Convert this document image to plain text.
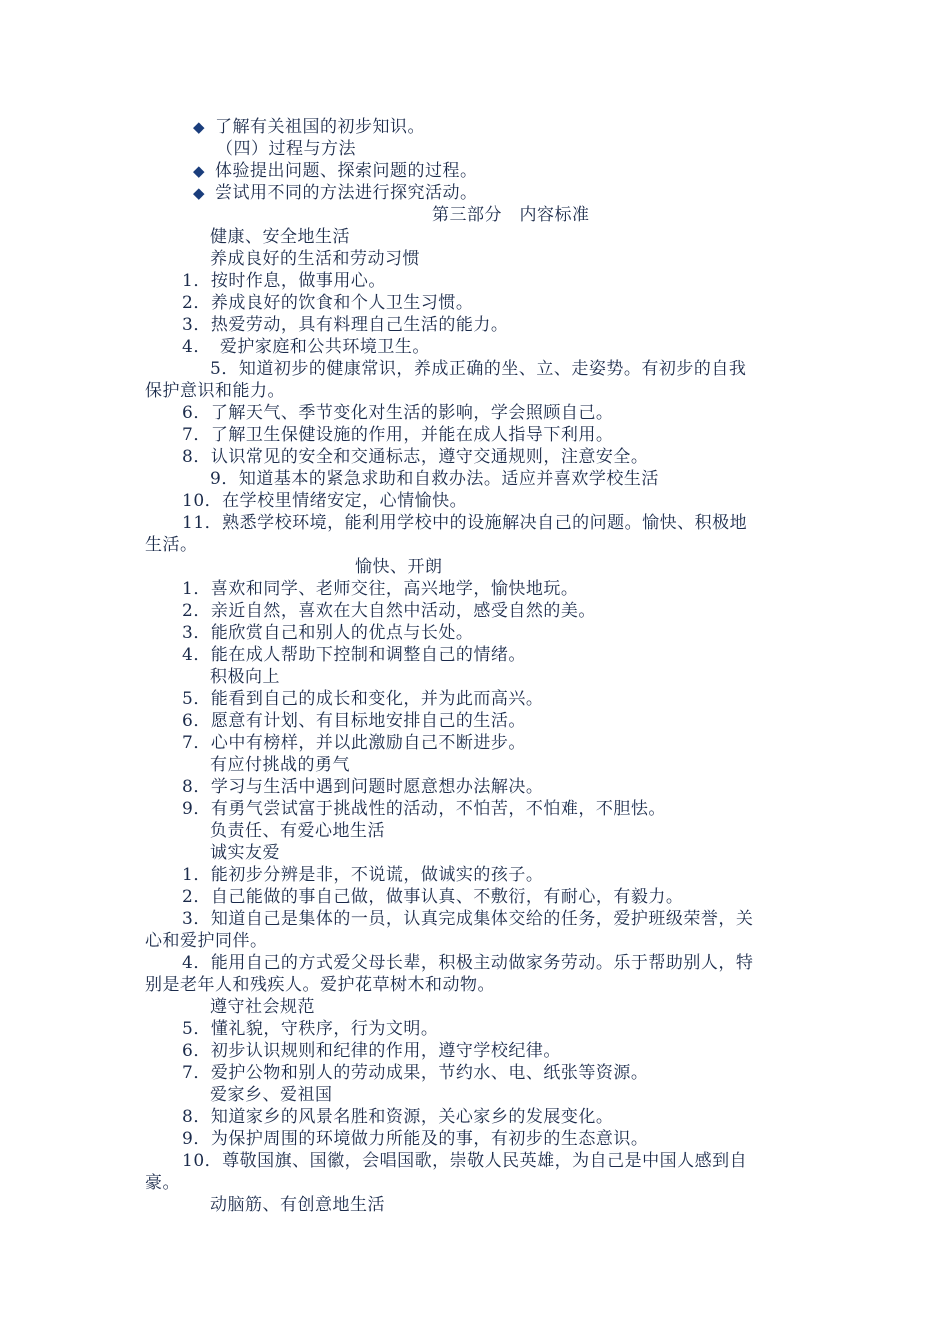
◆ 了解有关祖国的初步知识。
（四）过程与方法
◆ 体验提出问题、探索问题的过程。
◆ 尝试用不同的方法进行探究活动。
第三部分　内容标准
健康、安全地生活
养成良好的生活和劳动习惯
1．按时作息，做事用心。
2．养成良好的饮食和个人卫生习惯。
3．热爱劳动，具有料理自己生活的能力。
4．　爱护家庭和公共环境卫生。
5．知道初步的健康常识，养成正确的坐、立、走姿势。有初步的自我
保护意识和能力。
6．了解天气、季节变化对生活的影响，学会照顾自己。
7．了解卫生保健设施的作用，并能在成人指导下利用。
8．认识常见的安全和交通标志，遵守交通规则，注意安全。
9．知道基本的紧急求助和自救办法。适应并喜欢学校生活
10．在学校里情绪安定，心情愉快。
11．熟悉学校环境，能利用学校中的设施解决自己的问题。愉快、积极地
生活。
愉快、开朗
1．喜欢和同学、老师交往，高兴地学，愉快地玩。
2．亲近自然，喜欢在大自然中活动，感受自然的美。
3．能欣赏自己和别人的优点与长处。
4．能在成人帮助下控制和调整自己的情绪。
积极向上
5．能看到自己的成长和变化，并为此而高兴。
6．愿意有计划、有目标地安排自己的生活。
7．心中有榜样，并以此激励自己不断进步。
有应付挑战的勇气
8．学习与生活中遇到问题时愿意想办法解决。
9．有勇气尝试富于挑战性的活动，不怕苦，不怕难，不胆怯。
负责任、有爱心地生活
诚实友爱
1．能初步分辨是非，不说谎，做诚实的孩子。
2．自己能做的事自己做，做事认真、不敷衍，有耐心，有毅力。
3．知道自己是集体的一员，认真完成集体交给的任务，爱护班级荣誉，关
心和爱护同伴。
4．能用自己的方式爱父母长辈，积极主动做家务劳动。乐于帮助别人，特
别是老年人和残疾人。爱护花草树木和动物。
遵守社会规范
5．懂礼貌，守秩序，行为文明。
6．初步认识规则和纪律的作用，遵守学校纪律。
7．爱护公物和别人的劳动成果，节约水、电、纸张等资源。
爱家乡、爱祖国
8．知道家乡的风景名胜和资源，关心家乡的发展变化。
9．为保护周围的环境做力所能及的事，有初步的生态意识。
10．尊敬国旗、国徽，会唱国歌，崇敬人民英雄，为自己是中国人感到自
豪。
动脑筋、有创意地生活
